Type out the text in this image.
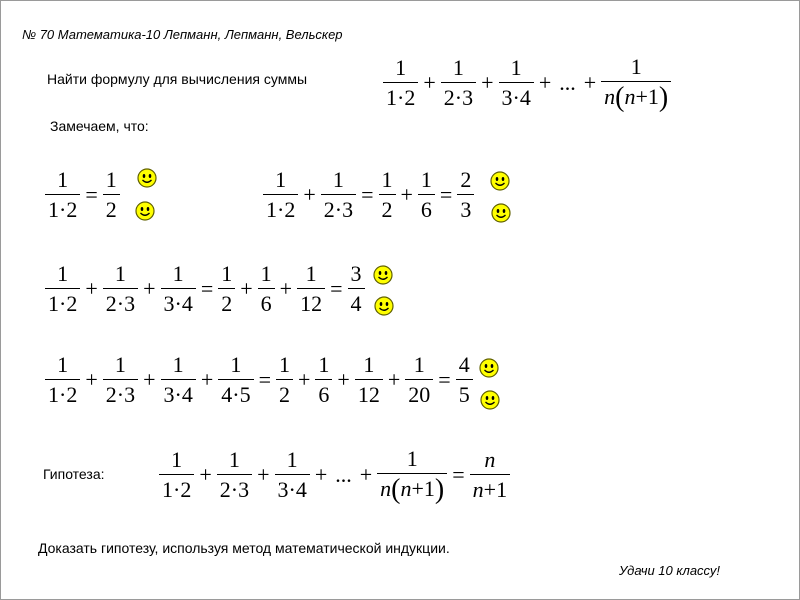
№ 70 Математика-10 Лепманн, Лепманн, Вельскер
Найти формулу для вычисления суммы	$\frac{1}{1\cdot 2} + \frac{1}{2\cdot 3} + \frac{1}{3\cdot 4}$ + ... + $\frac{1}{n(n+1)}$
Замечаем, что:
$\frac{1}{1\cdot 2} = \frac{1}{2}$	$\frac{1}{1\cdot 2} + \frac{1}{2\cdot 3} = \frac{1}{2} + \frac{1}{6} = \frac{2}{3}$
$\frac{1}{1\cdot 2} + \frac{1}{2\cdot 3} + \frac{1}{3\cdot 4} = \frac{1}{2} + \frac{1}{6} + \frac{1}{12} = \frac{3}{4}$
$\frac{1}{1\cdot 2} + \frac{1}{2\cdot 3} + \frac{1}{3\cdot 4} + \frac{1}{4\cdot 5} = \frac{1}{2} + \frac{1}{6} + \frac{1}{12} + \frac{1}{20} = \frac{4}{5}$
Гипотеза: $\frac{1}{1\cdot 2} + \frac{1}{2\cdot 3} + \frac{1}{3\cdot 4}$ + ... + $\frac{1}{n(n+1)} = \frac{n}{n+1}$
Доказать гипотезу, используя метод математической индукции.
Удачи 10 классу!
